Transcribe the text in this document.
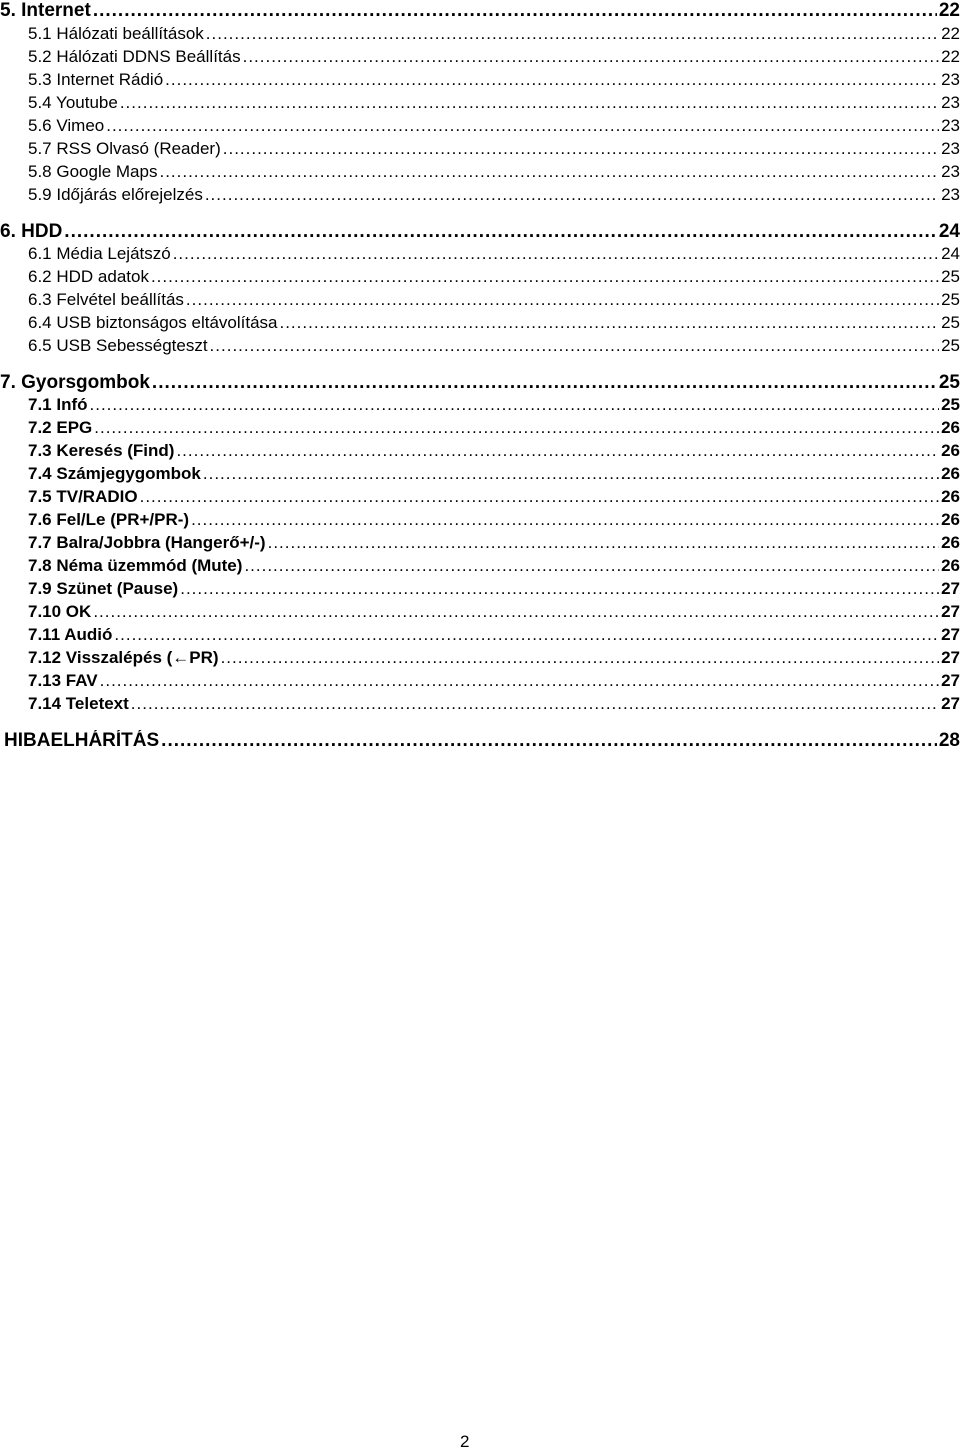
5. Internet .....	22
5.1 Hálózati beállítások .....	22
5.2 Hálózati DDNS Beállítás .....	22
5.3 Internet Rádió .....	23
5.4 Youtube .....	23
5.6 Vimeo .....	23
5.7 RSS Olvasó (Reader) .....	23
5.8 Google Maps .....	23
5.9 Időjárás előrejelzés .....	23
6. HDD .....	24
6.1 Média Lejátszó .....	24
6.2 HDD adatok .....	25
6.3 Felvétel beállítás .....	25
6.4 USB biztonságos eltávolítása .....	25
6.5 USB Sebességteszt .....	25
7. Gyorsgombok .....	25
7.1 Infó .....	25
7.2 EPG .....	26
7.3 Keresés (Find) .....	26
7.4 Számjegygombok .....	26
7.5 TV/RADIO .....	26
7.6 Fel/Le (PR+/PR-) .....	26
7.7 Balra/Jobbra (Hangerő+/-) .....	26
7.8 Néma üzemmód (Mute) .....	26
7.9 Szünet (Pause) .....	27
7.10 OK .....	27
7.11 Audió .....	27
7.12 Visszalépés (←PR) .....	27
7.13 FAV .....	27
7.14 Teletext .....	27
HIBAELHÁRÍTÁS .....	28
2
